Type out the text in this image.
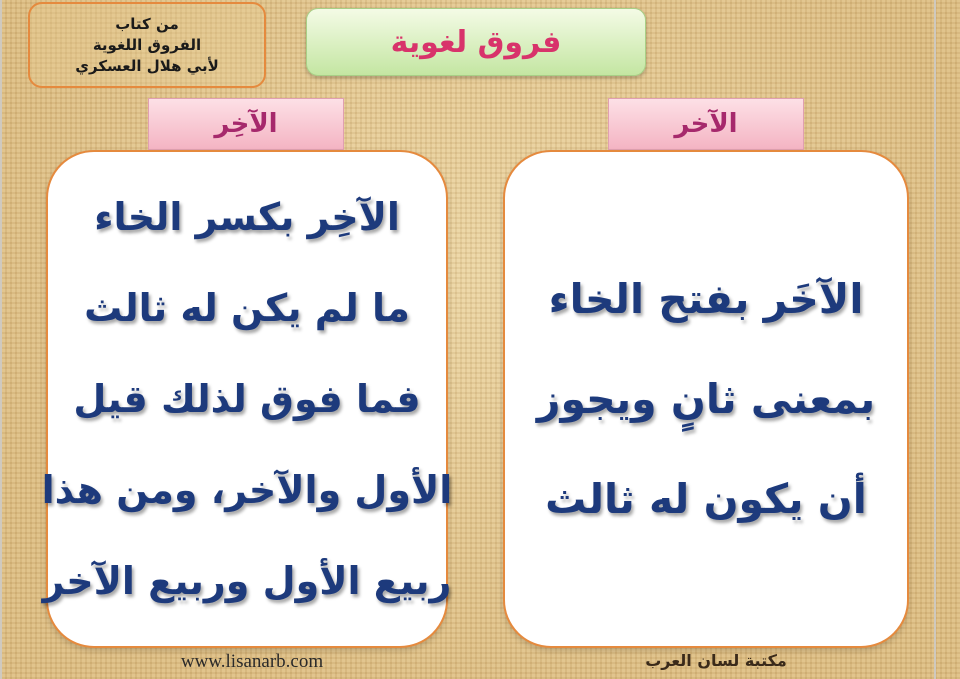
من كتاب
الفروق اللغوية
لأبي هلال العسكري
فروق لغوية
الآخِر	الآخر
الآخِر بكسر الخاء
ما لم يكن له ثالث
فما فوق لذلك قيل
الأول والآخر، ومن هذا
ربيع الأول وربيع الآخر
الآخَر بفتح الخاء
بمعنى ثانٍ ويجوز
أن يكون له ثالث
www.lisanarb.com	مكتبة لسان العرب
